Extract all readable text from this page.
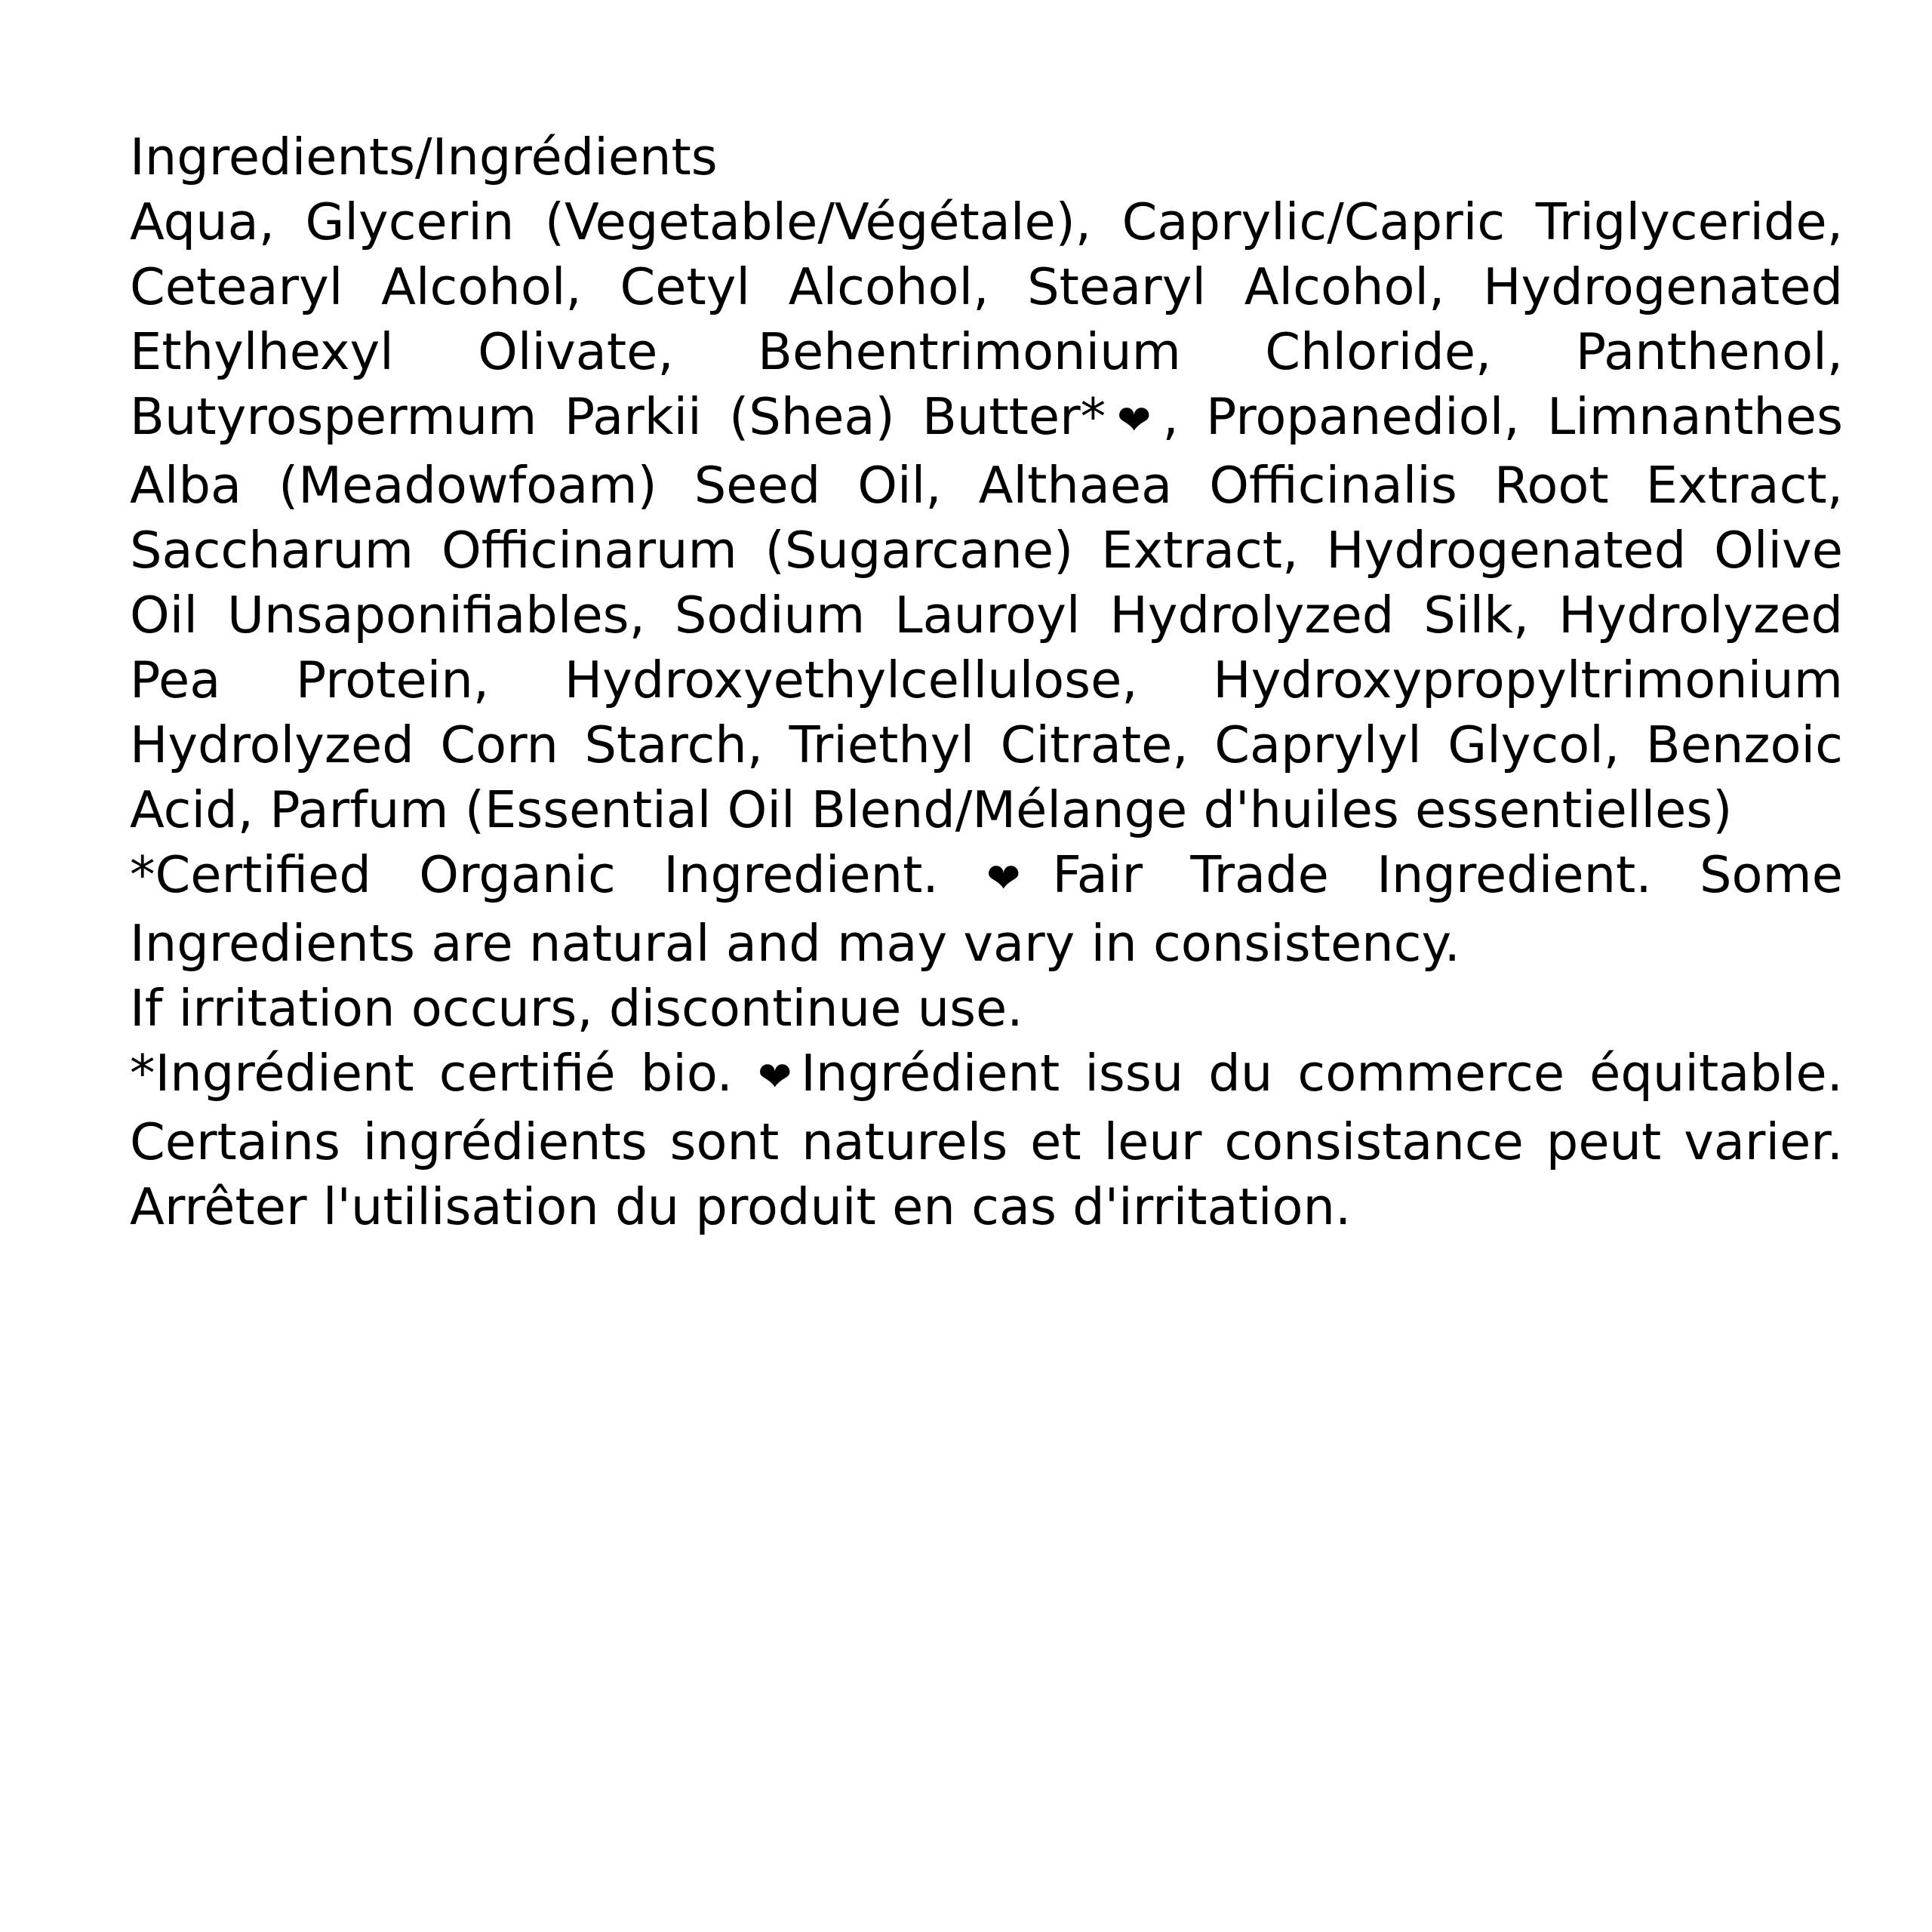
Ingredients/Ingrédients

Aqua, Glycerin (Vegetable/Végétale), Caprylic/Capric Triglyceride, Cetearyl Alcohol, Cetyl Alcohol, Stearyl Alcohol, Hydrogenated Ethylhexyl Olivate, Behentrimonium Chloride, Panthenol, Butyrospermum Parkii (Shea) Butter*❤, Propanediol, Limnanthes Alba (Meadowfoam) Seed Oil, Althaea Officinalis Root Extract, Saccharum Officinarum (Sugarcane) Extract, Hydrogenated Olive Oil Unsaponifiables, Sodium Lauroyl Hydrolyzed Silk, Hydrolyzed Pea Protein, Hydroxyethylcellulose, Hydroxypropyltrimonium Hydrolyzed Corn Starch, Triethyl Citrate, Caprylyl Glycol, Benzoic Acid, Parfum (Essential Oil Blend/Mélange d'huiles essentielles)

*Certified Organic Ingredient. ❤Fair Trade Ingredient. Some Ingredients are natural and may vary in consistency.

If irritation occurs, discontinue use.

*Ingrédient certifié bio. ❤Ingrédient issu du commerce équitable. Certains ingrédients sont naturels et leur consistance peut varier. Arrêter l'utilisation du produit en cas d'irritation.
